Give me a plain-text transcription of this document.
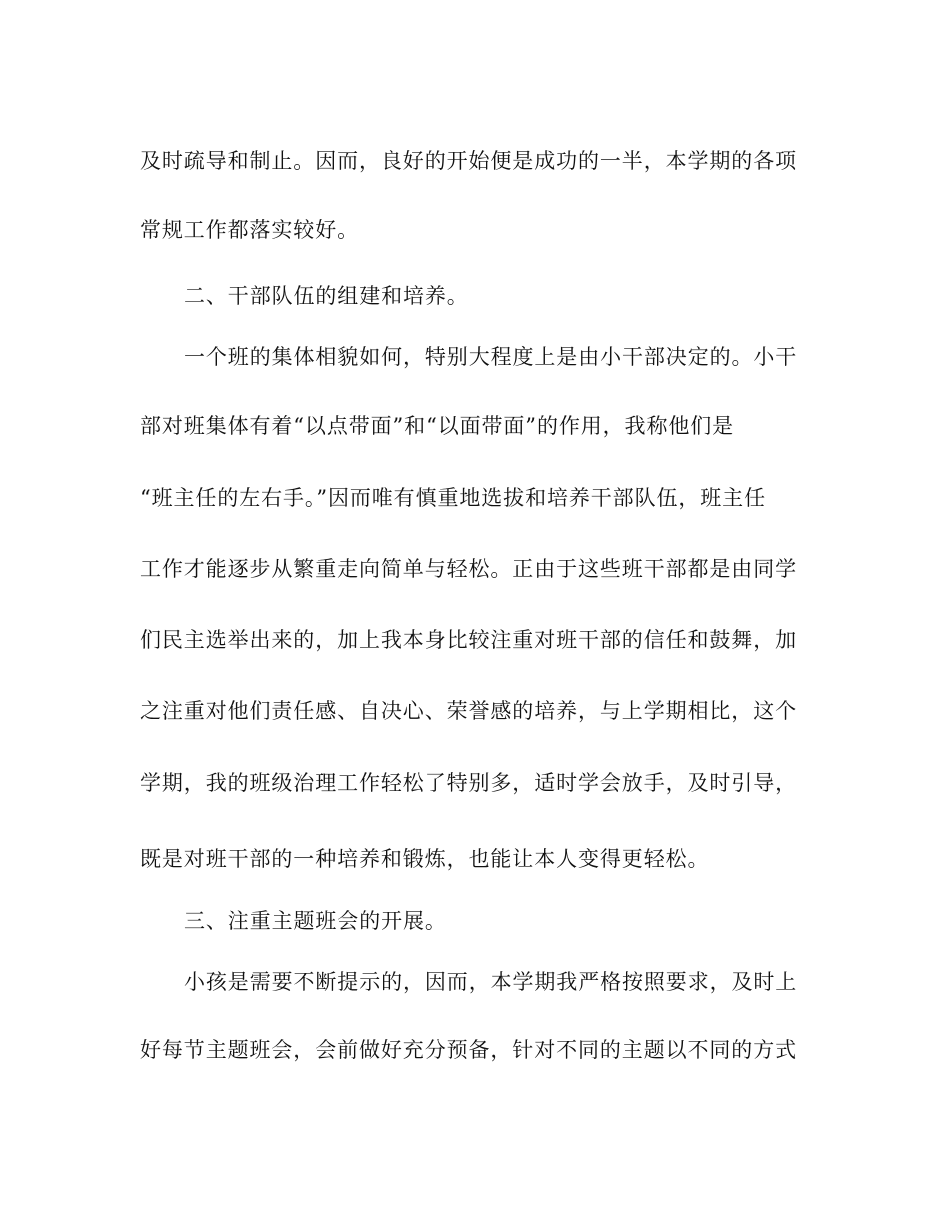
及时疏导和制止。因而，良好的开始便是成功的一半，本学期的各项
常规工作都落实较好。
二、干部队伍的组建和培养。
一个班的集体相貌如何，特别大程度上是由小干部决定的。小干
部对班集体有着“以点带面”和“以面带面”的作用，我称他们是
“班主任的左右手。”因而唯有慎重地选拔和培养干部队伍，班主任
工作才能逐步从繁重走向简单与轻松。正由于这些班干部都是由同学
们民主选举出来的，加上我本身比较注重对班干部的信任和鼓舞，加
之注重对他们责任感、自决心、荣誉感的培养，与上学期相比，这个
学期，我的班级治理工作轻松了特别多，适时学会放手，及时引导，
既是对班干部的一种培养和锻炼，也能让本人变得更轻松。
三、注重主题班会的开展。
小孩是需要不断提示的，因而，本学期我严格按照要求，及时上
好每节主题班会，会前做好充分预备，针对不同的主题以不同的方式
